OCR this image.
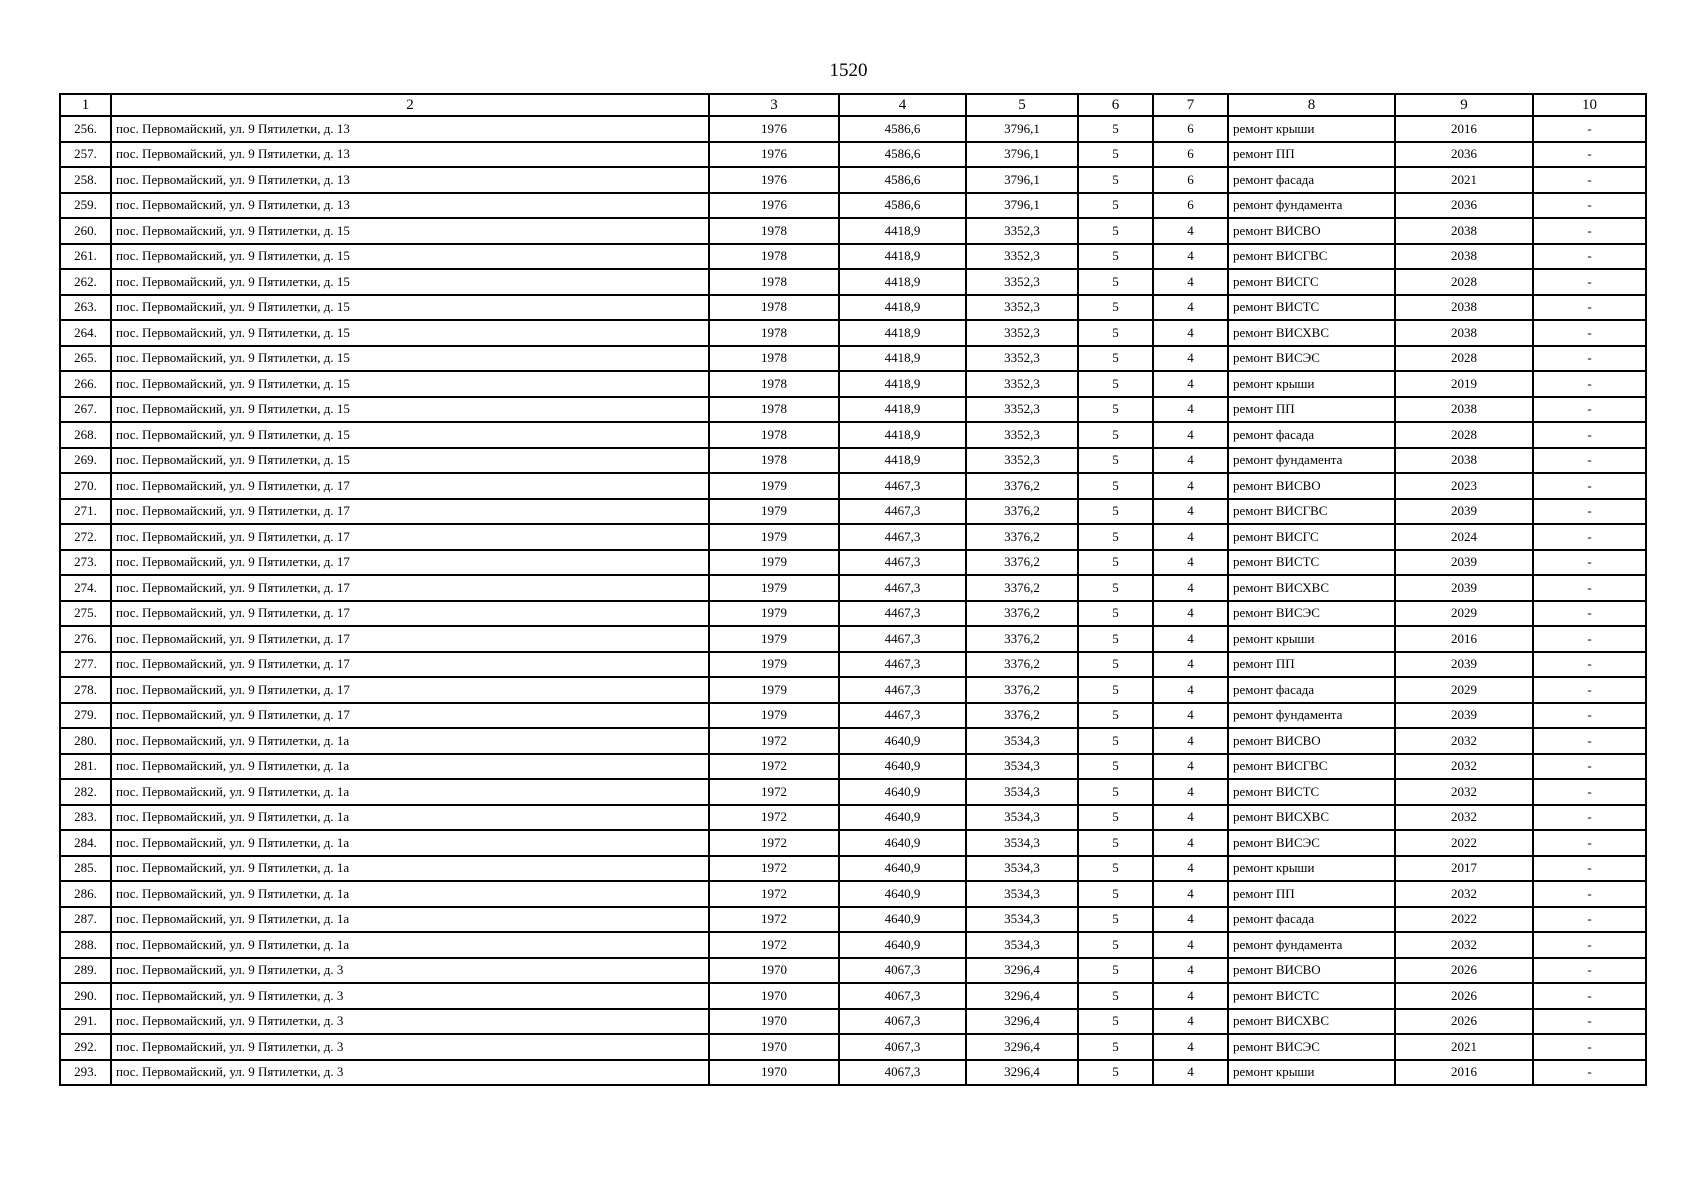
1520
1	2	3	4	5	6	7	8	9	10
256.	пос. Первомайский, ул. 9 Пятилетки, д. 13	1976	4586,6	3796,1	5	6	ремонт крыши	2016	-
257.	пос. Первомайский, ул. 9 Пятилетки, д. 13	1976	4586,6	3796,1	5	6	ремонт ПП	2036	-
258.	пос. Первомайский, ул. 9 Пятилетки, д. 13	1976	4586,6	3796,1	5	6	ремонт фасада	2021	-
259.	пос. Первомайский, ул. 9 Пятилетки, д. 13	1976	4586,6	3796,1	5	6	ремонт фундамента	2036	-
260.	пос. Первомайский, ул. 9 Пятилетки, д. 15	1978	4418,9	3352,3	5	4	ремонт ВИСВО	2038	-
261.	пос. Первомайский, ул. 9 Пятилетки, д. 15	1978	4418,9	3352,3	5	4	ремонт ВИСГВС	2038	-
262.	пос. Первомайский, ул. 9 Пятилетки, д. 15	1978	4418,9	3352,3	5	4	ремонт ВИСГС	2028	-
263.	пос. Первомайский, ул. 9 Пятилетки, д. 15	1978	4418,9	3352,3	5	4	ремонт ВИСТС	2038	-
264.	пос. Первомайский, ул. 9 Пятилетки, д. 15	1978	4418,9	3352,3	5	4	ремонт ВИСХВС	2038	-
265.	пос. Первомайский, ул. 9 Пятилетки, д. 15	1978	4418,9	3352,3	5	4	ремонт ВИСЭС	2028	-
266.	пос. Первомайский, ул. 9 Пятилетки, д. 15	1978	4418,9	3352,3	5	4	ремонт крыши	2019	-
267.	пос. Первомайский, ул. 9 Пятилетки, д. 15	1978	4418,9	3352,3	5	4	ремонт ПП	2038	-
268.	пос. Первомайский, ул. 9 Пятилетки, д. 15	1978	4418,9	3352,3	5	4	ремонт фасада	2028	-
269.	пос. Первомайский, ул. 9 Пятилетки, д. 15	1978	4418,9	3352,3	5	4	ремонт фундамента	2038	-
270.	пос. Первомайский, ул. 9 Пятилетки, д. 17	1979	4467,3	3376,2	5	4	ремонт ВИСВО	2023	-
271.	пос. Первомайский, ул. 9 Пятилетки, д. 17	1979	4467,3	3376,2	5	4	ремонт ВИСГВС	2039	-
272.	пос. Первомайский, ул. 9 Пятилетки, д. 17	1979	4467,3	3376,2	5	4	ремонт ВИСГС	2024	-
273.	пос. Первомайский, ул. 9 Пятилетки, д. 17	1979	4467,3	3376,2	5	4	ремонт ВИСТС	2039	-
274.	пос. Первомайский, ул. 9 Пятилетки, д. 17	1979	4467,3	3376,2	5	4	ремонт ВИСХВС	2039	-
275.	пос. Первомайский, ул. 9 Пятилетки, д. 17	1979	4467,3	3376,2	5	4	ремонт ВИСЭС	2029	-
276.	пос. Первомайский, ул. 9 Пятилетки, д. 17	1979	4467,3	3376,2	5	4	ремонт крыши	2016	-
277.	пос. Первомайский, ул. 9 Пятилетки, д. 17	1979	4467,3	3376,2	5	4	ремонт ПП	2039	-
278.	пос. Первомайский, ул. 9 Пятилетки, д. 17	1979	4467,3	3376,2	5	4	ремонт фасада	2029	-
279.	пос. Первомайский, ул. 9 Пятилетки, д. 17	1979	4467,3	3376,2	5	4	ремонт фундамента	2039	-
280.	пос. Первомайский, ул. 9 Пятилетки, д. 1а	1972	4640,9	3534,3	5	4	ремонт ВИСВО	2032	-
281.	пос. Первомайский, ул. 9 Пятилетки, д. 1а	1972	4640,9	3534,3	5	4	ремонт ВИСГВС	2032	-
282.	пос. Первомайский, ул. 9 Пятилетки, д. 1а	1972	4640,9	3534,3	5	4	ремонт ВИСТС	2032	-
283.	пос. Первомайский, ул. 9 Пятилетки, д. 1а	1972	4640,9	3534,3	5	4	ремонт ВИСХВС	2032	-
284.	пос. Первомайский, ул. 9 Пятилетки, д. 1а	1972	4640,9	3534,3	5	4	ремонт ВИСЭС	2022	-
285.	пос. Первомайский, ул. 9 Пятилетки, д. 1а	1972	4640,9	3534,3	5	4	ремонт крыши	2017	-
286.	пос. Первомайский, ул. 9 Пятилетки, д. 1а	1972	4640,9	3534,3	5	4	ремонт ПП	2032	-
287.	пос. Первомайский, ул. 9 Пятилетки, д. 1а	1972	4640,9	3534,3	5	4	ремонт фасада	2022	-
288.	пос. Первомайский, ул. 9 Пятилетки, д. 1а	1972	4640,9	3534,3	5	4	ремонт фундамента	2032	-
289.	пос. Первомайский, ул. 9 Пятилетки, д. 3	1970	4067,3	3296,4	5	4	ремонт ВИСВО	2026	-
290.	пос. Первомайский, ул. 9 Пятилетки, д. 3	1970	4067,3	3296,4	5	4	ремонт ВИСТС	2026	-
291.	пос. Первомайский, ул. 9 Пятилетки, д. 3	1970	4067,3	3296,4	5	4	ремонт ВИСХВС	2026	-
292.	пос. Первомайский, ул. 9 Пятилетки, д. 3	1970	4067,3	3296,4	5	4	ремонт ВИСЭС	2021	-
293.	пос. Первомайский, ул. 9 Пятилетки, д. 3	1970	4067,3	3296,4	5	4	ремонт крыши	2016	-
